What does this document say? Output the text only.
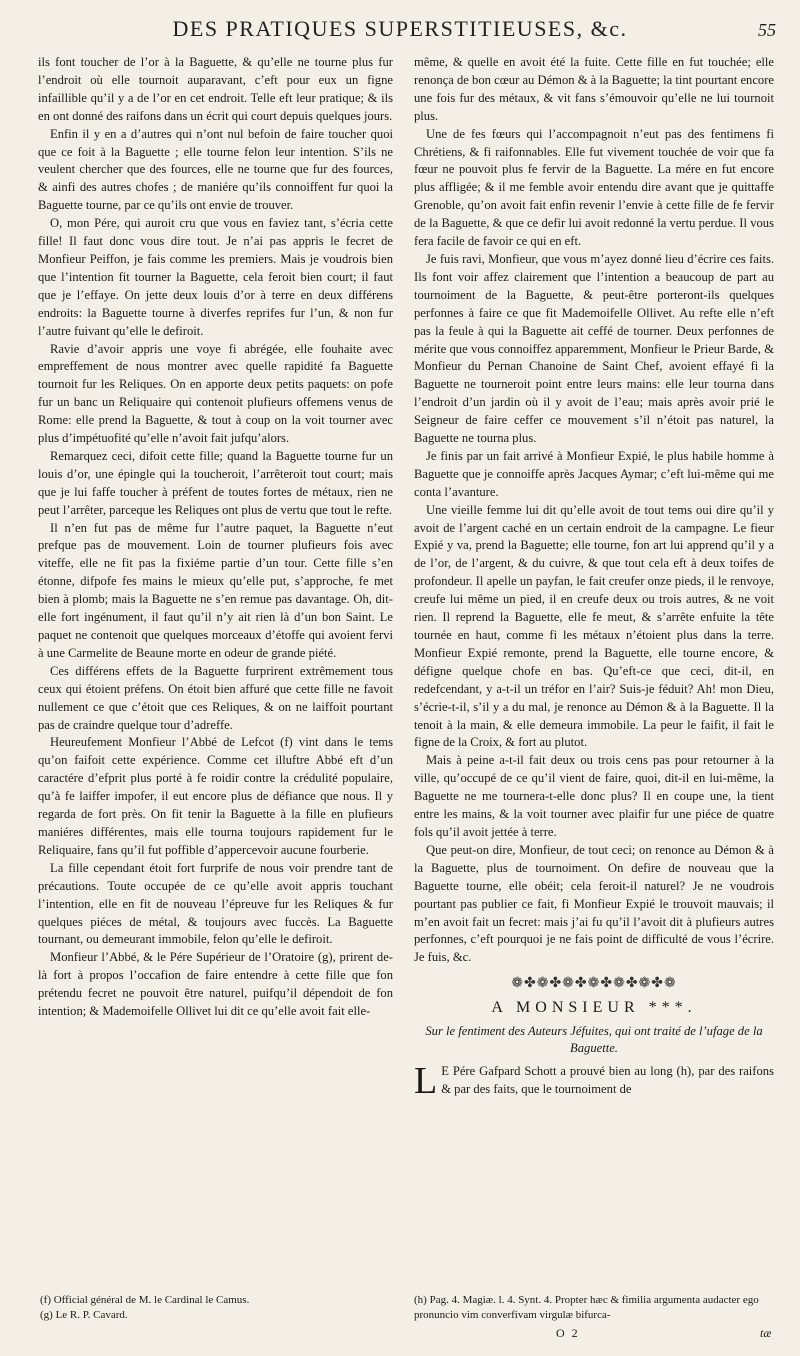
DES PRATIQUES SUPERSTITIEUSES, &c.	55

ils font toucher de l’or à la Baguette, & qu’elle ne tourne plus fur l’endroit où elle tournoit auparavant, c’eft pour eux un figne infaillible qu’il y a de l’or en cet endroit. Telle eft leur pratique; & ils en ont donné des raifons dans un écrit qui court depuis quelques jours.

Enfin il y en a d’autres qui n’ont nul befoin de faire toucher quoi que ce foit à la Baguette ; elle tourne felon leur intention. S’ils ne veulent chercher que des fources, elle ne tourne que fur des fources, & ainfi des autres chofes ; de maniére qu’ils connoiffent fur quoi la Baguette tourne, par ce qu’ils ont envie de trouver.

O, mon Pére, qui auroit cru que vous en faviez tant, s’écria cette fille! Il faut donc vous dire tout. Je n’ai pas appris le fecret de Monfieur Peiffon, je fais comme les premiers. Mais je voudrois bien que l’intention fit tourner la Baguette, cela feroit bien court; il faut que je l’effaye. On jette deux louis d’or à terre en deux différens endroits: la Baguette tourne à diverfes reprifes fur l’un, & non fur l’autre fuivant qu’elle le defiroit.

Ravie d’avoir appris une voye fi abrégée, elle fouhaite avec empreffement de nous montrer avec quelle rapidité fa Baguette tournoit fur les Reliques. On en apporte deux petits paquets: on pofe fur un banc un Reliquaire qui contenoit plufieurs offemens venus de Rome: elle prend la Baguette, & tout à coup on la voit tourner avec plus d’impétuofité qu’elle n’avoit fait jufqu’alors.

Remarquez ceci, difoit cette fille; quand la Baguette tourne fur un louis d’or, une épingle qui la toucheroit, l’arrêteroit tout court; mais que je lui faffe toucher à préfent de toutes fortes de métaux, rien ne peut l’arrêter, parceque les Reliques ont plus de vertu que tout le refte.

Il n’en fut pas de même fur l’autre paquet, la Baguette n’eut prefque pas de mouvement. Loin de tourner plufieurs fois avec viteffe, elle ne fit pas la fixiéme partie d’un tour. Cette fille s’en étonne, difpofe fes mains le mieux qu’elle put, s’approche, fe met bien à plomb; mais la Baguette ne s’en remue pas davantage. Oh, dit-elle fort ingénument, il faut qu’il n’y ait rien là d’un bon Saint. Le paquet ne contenoit que quelques morceaux d’étoffe qui avoient fervi à une Carmelite de Beaune morte en odeur de grande piété.

Ces différens effets de la Baguette furprirent extrêmement tous ceux qui étoient préfens. On étoit bien affuré que cette fille ne favoit nullement ce que c’étoit que ces Reliques, & on ne laiffoit pourtant pas de craindre quelque tour d’adreffe.

Heureufement Monfieur l’Abbé de Lefcot (f) vint dans le tems qu’on faifoit cette expérience. Comme cet illuftre Abbé eft d’un caractére d’efprit plus porté à fe roidir contre la crédulité populaire, qu’à fe laiffer impofer, il eut encore plus de défiance que nous. Il y regarda de fort près. On fit tenir la Baguette à la fille en plufieurs maniéres différentes, mais elle tourna toujours rapidement fur le Reliquaire, fans qu’il fut poffible d’appercevoir aucune fourberie.

La fille cependant étoit fort furprife de nous voir prendre tant de précautions. Toute occupée de ce qu’elle avoit appris touchant l’intention, elle en fit de nouveau l’épreuve fur les Reliques & fur quelques piéces de métal, & toujours avec fuccès. La Baguette tournant, ou demeurant immobile, felon qu’elle le defiroit.

Monfieur l’Abbé, & le Pére Supérieur de l’Oratoire (g), prirent de-là fort à propos l’occafion de faire entendre à cette fille que fon prétendu fecret ne pouvoit être naturel, puifqu’il dépendoit de fon intention; & Mademoifelle Ollivet lui dit ce qu’elle avoit fait elle-

même, & quelle en avoit été la fuite. Cette fille en fut touchée; elle renonça de bon cœur au Démon & à la Baguette; la tint pourtant encore une fois fur des métaux, & vit fans s’émouvoir qu’elle ne lui tournoit plus.

Une de fes fœurs qui l’accompagnoit n’eut pas des fentimens fi Chrétiens, & fi raifonnables. Elle fut vivement touchée de voir que fa fœur ne pouvoit plus fe fervir de la Baguette. La mére en fut encore plus affligée; & il me femble avoir entendu dire avant que je quittaffe Grenoble, qu’on avoit fait enfin revenir l’envie à cette fille de fe fervir de la Baguette, & que ce defir lui avoit redonné la vertu perdue. Il vous fera facile de favoir ce qui en eft.

Je fuis ravi, Monfieur, que vous m’ayez donné lieu d’écrire ces faits. Ils font voir affez clairement que l’intention a beaucoup de part au tournoiment de la Baguette, & peut-être porteront-ils quelques perfonnes à faire ce que fit Mademoifelle Ollivet. Au refte elle n’eft pas la feule à qui la Baguette ait ceffé de tourner. Deux perfonnes de mérite que vous connoiffez apparemment, Monfieur le Prieur Barde, & Monfieur du Pernan Chanoine de Saint Chef, avoient effayé fi la Baguette ne tourneroit point entre leurs mains: elle leur tourna dans l’endroit d’un jardin où il y avoit de l’eau; mais après avoir prié le Seigneur de faire ceffer ce mouvement s’il n’étoit pas naturel, la Baguette ne tourna plus.

Je finis par un fait arrivé à Monfieur Expié, le plus habile homme à Baguette que je connoiffe après Jacques Aymar; c’eft lui-même qui me conta l’avanture.

Une vieille femme lui dit qu’elle avoit de tout tems oui dire qu’il y avoit de l’argent caché en un certain endroit de la campagne. Le fieur Expié y va, prend la Baguette; elle tourne, fon art lui apprend qu’il y a de l’or, de l’argent, & du cuivre, & que tout cela eft à deux toifes de profondeur. Il apelle un payfan, le fait creufer onze pieds, il le renvoye, creufe lui même un pied, il en creufe deux ou trois autres, & ne voit rien. Il reprend la Baguette, elle fe meut, & s’arrête enfuite la tête tournée en haut, comme fi les métaux n’étoient plus dans la terre. Monfieur Expié remonte, prend la Baguette, elle tourne encore, & défigne quelque chofe en bas. Qu’eft-ce que ceci, dit-il, en redefcendant, y a-t-il un tréfor en l’air? Suis-je féduit? Ah! mon Dieu, s’écrie-t-il, s’il y a du mal, je renonce au Démon & à la Baguette. Il la tenoit à la main, & elle demeura immobile. La peur le faifit, il fait le figne de la Croix, & fort au plutot.

Mais à peine a-t-il fait deux ou trois cens pas pour retourner à la ville, qu’occupé de ce qu’il vient de faire, quoi, dit-il en lui-même, la Baguette ne me tournera-t-elle donc plus? Il en coupe une, la tient entre les mains, & la voit tourner avec plaifir fur une piéce de quatre fols qu’il avoit jettée à terre.

Que peut-on dire, Monfieur, de tout ceci; on renonce au Démon & à la Baguette, plus de tournoiment. On defire de nouveau que la Baguette tourne, elle obéit; cela feroit-il naturel? Je ne voudrois pourtant pas publier ce fait, fi Monfieur Expié le trouvoit mauvais; il m’en avoit fait un fecret: mais j’ai fu qu’il l’avoit dit à plufieurs autres perfonnes, c’eft pourquoi je ne fais point de difficulté de vous l’écrire. Je fuis, &c.

❁✤❁✤❁✤❁✤❁✤❁✤❁
A MONSIEUR ***.
Sur le fentiment des Auteurs Jéfuites, qui ont traité de l’ufage de la Baguette.

L E Pére Gafpard Schott a prouvé bien au long (h), par des raifons & par des faits, que le tournoiment de

(f) Official général de M. le Cardinal le Camus.
(g) Le R. P. Cavard.
(h) Pag. 4. Magiæ. l. 4. Synt. 4. Propter hæc & fimilia argumenta audacter ego pronuncio vim converfivam virgulæ bifurca-
O 2	tæ
